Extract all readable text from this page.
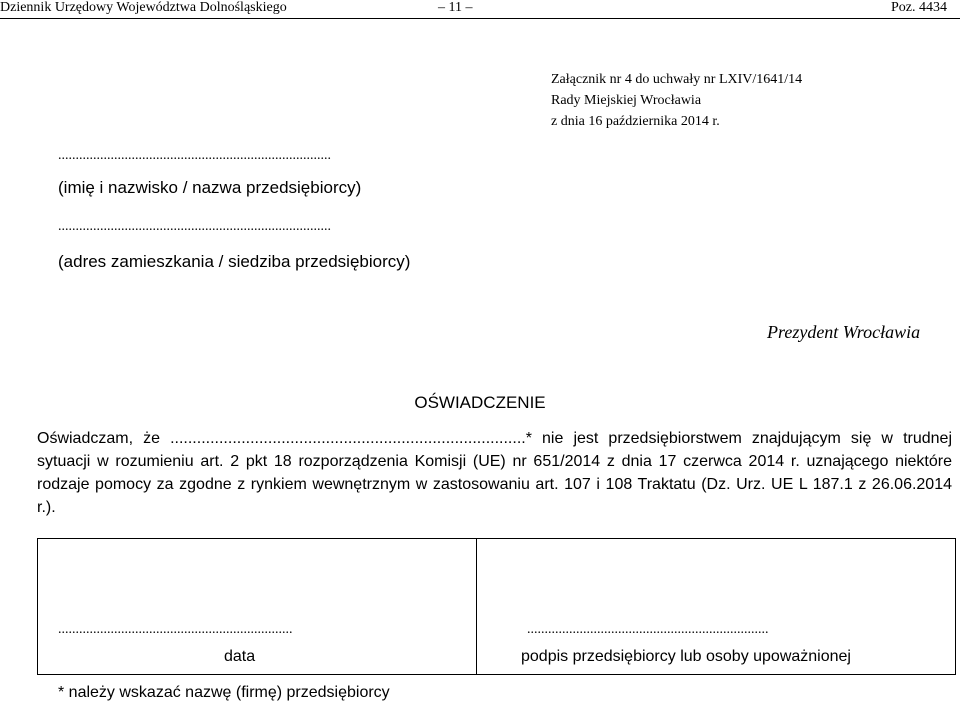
Dziennik Urzędowy Województwa Dolnośląskiego	– 11 –	Poz. 4434
Załącznik nr 4 do uchwały nr LXIV/1641/14
Rady Miejskiej Wrocławia
z dnia 16 października 2014 r.
..............................................................................
(imię i nazwisko / nazwa przedsiębiorcy)
..............................................................................
(adres zamieszkania / siedziba przedsiębiorcy)
Prezydent Wrocławia
OŚWIADCZENIE
Oświadczam, że ................................................................................* nie jest przedsiębiorstwem znajdującym się w trudnej sytuacji w rozumieniu art. 2 pkt 18 rozporządzenia Komisji (UE) nr 651/2014 z dnia 17 czerwca 2014 r. uznającego niektóre rodzaje pomocy za zgodne z rynkiem wewnętrznym w zastosowaniu art. 107 i 108 Traktatu (Dz. Urz. UE L 187.1 z 26.06.2014 r.).
...................................................................
data
.....................................................................
podpis przedsiębiorcy lub osoby upoważnionej
* należy wskazać nazwę (firmę) przedsiębiorcy
